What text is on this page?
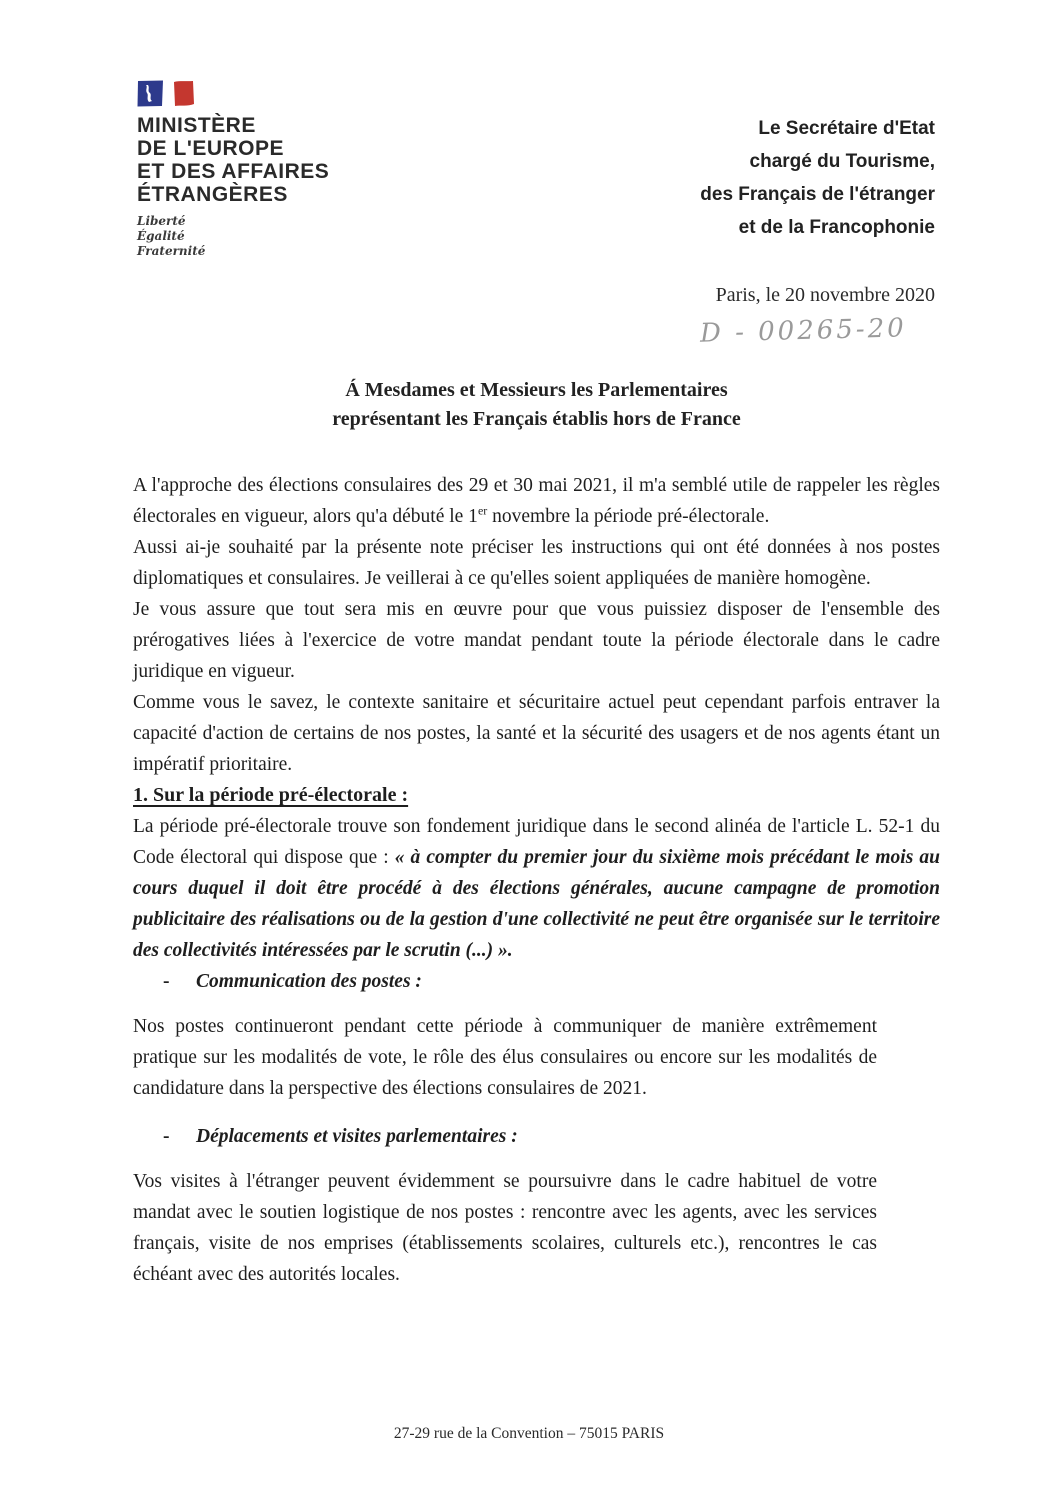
MINISTÈRE
DE L'EUROPE
ET DES AFFAIRES
ÉTRANGÈRES
Liberté
Égalité
Fraternité
Le Secrétaire d'Etat
chargé du Tourisme,
des Français de l'étranger
et de la Francophonie
Paris, le 20 novembre 2020
D - 00265-20
Á Mesdames et Messieurs les Parlementaires
représentant les Français établis hors de France

A l'approche des élections consulaires des 29 et 30 mai 2021, il m'a semblé utile de rappeler les règles électorales en vigueur, alors qu'a débuté le 1er novembre la période pré-électorale.

Aussi ai-je souhaité par la présente note préciser les instructions qui ont été données à nos postes diplomatiques et consulaires. Je veillerai à ce qu'elles soient appliquées de manière homogène.

Je vous assure que tout sera mis en œuvre pour que vous puissiez disposer de l'ensemble des prérogatives liées à l'exercice de votre mandat pendant toute la période électorale dans le cadre juridique en vigueur.

Comme vous le savez, le contexte sanitaire et sécuritaire actuel peut cependant parfois entraver la capacité d'action de certains de nos postes, la santé et la sécurité des usagers et de nos agents étant un impératif prioritaire.

1. Sur la période pré-électorale :

La période pré-électorale trouve son fondement juridique dans le second alinéa de l'article L. 52-1 du Code électoral qui dispose que : « à compter du premier jour du sixième mois précédant le mois au cours duquel il doit être procédé à des élections générales, aucune campagne de promotion publicitaire des réalisations ou de la gestion d'une collectivité ne peut être organisée sur le territoire des collectivités intéressées par le scrutin (...) ».

-	Communication des postes :

Nos postes continueront pendant cette période à communiquer de manière extrêmement pratique sur les modalités de vote, le rôle des élus consulaires ou encore sur les modalités de candidature dans la perspective des élections consulaires de 2021.

-	Déplacements et visites parlementaires :

Vos visites à l'étranger peuvent évidemment se poursuivre dans le cadre habituel de votre mandat avec le soutien logistique de nos postes : rencontre avec les agents, avec les services français, visite de nos emprises (établissements scolaires, culturels etc.), rencontres le cas échéant avec des autorités locales.

27-29 rue de la Convention – 75015 PARIS
